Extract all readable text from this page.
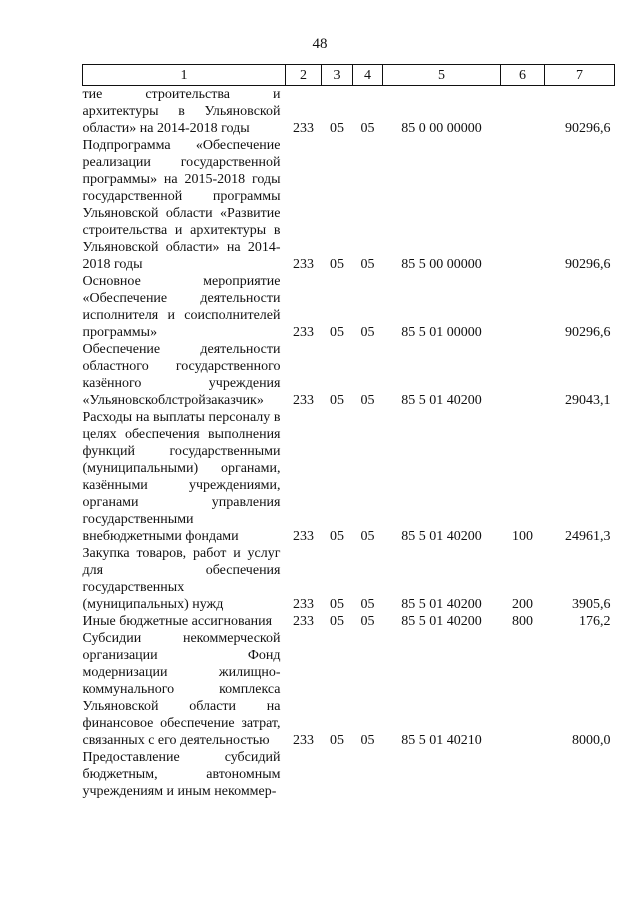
48
1	2	3	4	5	6	7
тие строительства и архитектуры в Ульяновской области» на 2014-2018 годы	233	05	05	85 0 00 00000		90296,6
Подпрограмма «Обеспечение реализации государственной программы» на 2015-2018 годы государственной программы Ульяновской области «Развитие строительства и архитектуры в Ульяновской области» на 2014-2018 годы	233	05	05	85 5 00 00000		90296,6
Основное мероприятие «Обеспечение деятельности исполнителя и соисполнителей программы»	233	05	05	85 5 01 00000		90296,6
Обеспечение деятельности областного государственного казённого учреждения «Ульяновскоблстройзаказчик»	233	05	05	85 5 01 40200		29043,1
Расходы на выплаты персоналу в целях обеспечения выполнения функций государственными (муниципальными) органами, казёнными учреждениями, органами управления государственными внебюджетными фондами	233	05	05	85 5 01 40200	100	24961,3
Закупка товаров, работ и услуг для обеспечения государственных (муниципальных) нужд	233	05	05	85 5 01 40200	200	3905,6
Иные бюджетные ассигнования	233	05	05	85 5 01 40200	800	176,2
Субсидии некоммерческой организации Фонд модернизации жилищно-коммунального комплекса Ульяновской области на финансовое обеспечение затрат, связанных с его деятельностью	233	05	05	85 5 01 40210		8000,0
Предоставление субсидий бюджетным, автономным учреждениям и иным некоммер-						
